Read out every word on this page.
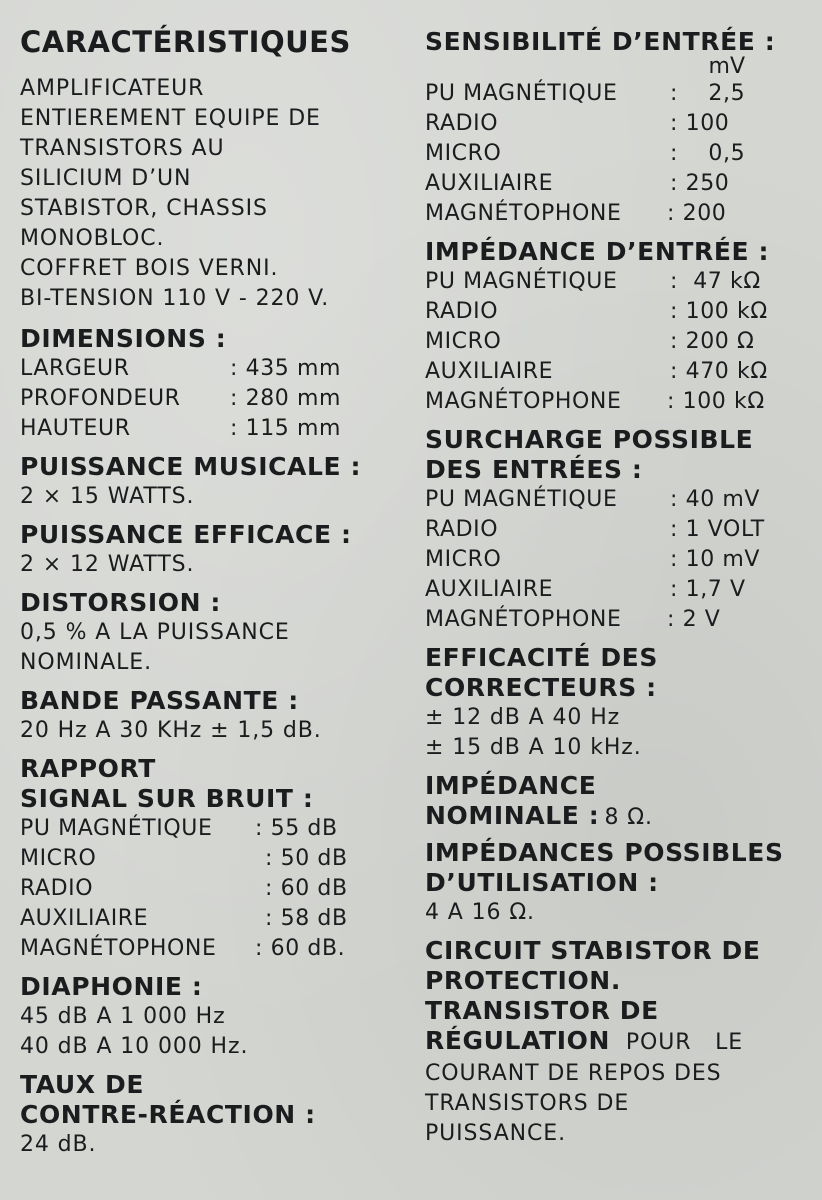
CARACTÉRISTIQUES
AMPLIFICATEUR
ENTIEREMENT EQUIPE DE
TRANSISTORS AU
SILICIUM D’UN
STABISTOR, CHASSIS
MONOBLOC.
COFFRET BOIS VERNI.
BI-TENSION 110 V - 220 V.
DIMENSIONS :
LARGEUR	: 435 mm
PROFONDEUR	: 280 mm
HAUTEUR	: 115 mm
PUISSANCE MUSICALE :
2 × 15 WATTS.
PUISSANCE EFFICACE :
2 × 12 WATTS.
DISTORSION :
0,5 % A LA PUISSANCE
NOMINALE.
BANDE PASSANTE :
20 Hz A 30 KHz ± 1,5 dB.
RAPPORT
SIGNAL SUR BRUIT :
PU MAGNÉTIQUE	: 55 dB
MICRO	: 50 dB
RADIO	: 60 dB
AUXILIAIRE	: 58 dB
MAGNÉTOPHONE	: 60 dB.
DIAPHONIE :
45 dB A 1 000 Hz
40 dB A 10 000 Hz.
TAUX DE
CONTRE-RÉACTION :
24 dB.
SENSIBILITÉ D’ENTRÉE :
mV
PU MAGNÉTIQUE	:    2,5
RADIO	: 100
MICRO	:    0,5
AUXILIAIRE	: 250
MAGNÉTOPHONE	: 200
IMPÉDANCE D’ENTRÉE :
PU MAGNÉTIQUE	:  47 kΩ
RADIO	: 100 kΩ
MICRO	: 200 Ω
AUXILIAIRE	: 470 kΩ
MAGNÉTOPHONE	: 100 kΩ
SURCHARGE POSSIBLE
DES ENTRÉES :
PU MAGNÉTIQUE	: 40 mV
RADIO	: 1 VOLT
MICRO	: 10 mV
AUXILIAIRE	: 1,7 V
MAGNÉTOPHONE	: 2 V
EFFICACITÉ DES
CORRECTEURS :
± 12 dB A 40 Hz
± 15 dB A 10 kHz.
IMPÉDANCE
NOMINALE : 8 Ω.
IMPÉDANCES POSSIBLES
D’UTILISATION :
4 A 16 Ω.
CIRCUIT STABISTOR DE
PROTECTION.
TRANSISTOR DE
RÉGULATION  POUR   LE
COURANT DE REPOS DES
TRANSISTORS DE
PUISSANCE.
